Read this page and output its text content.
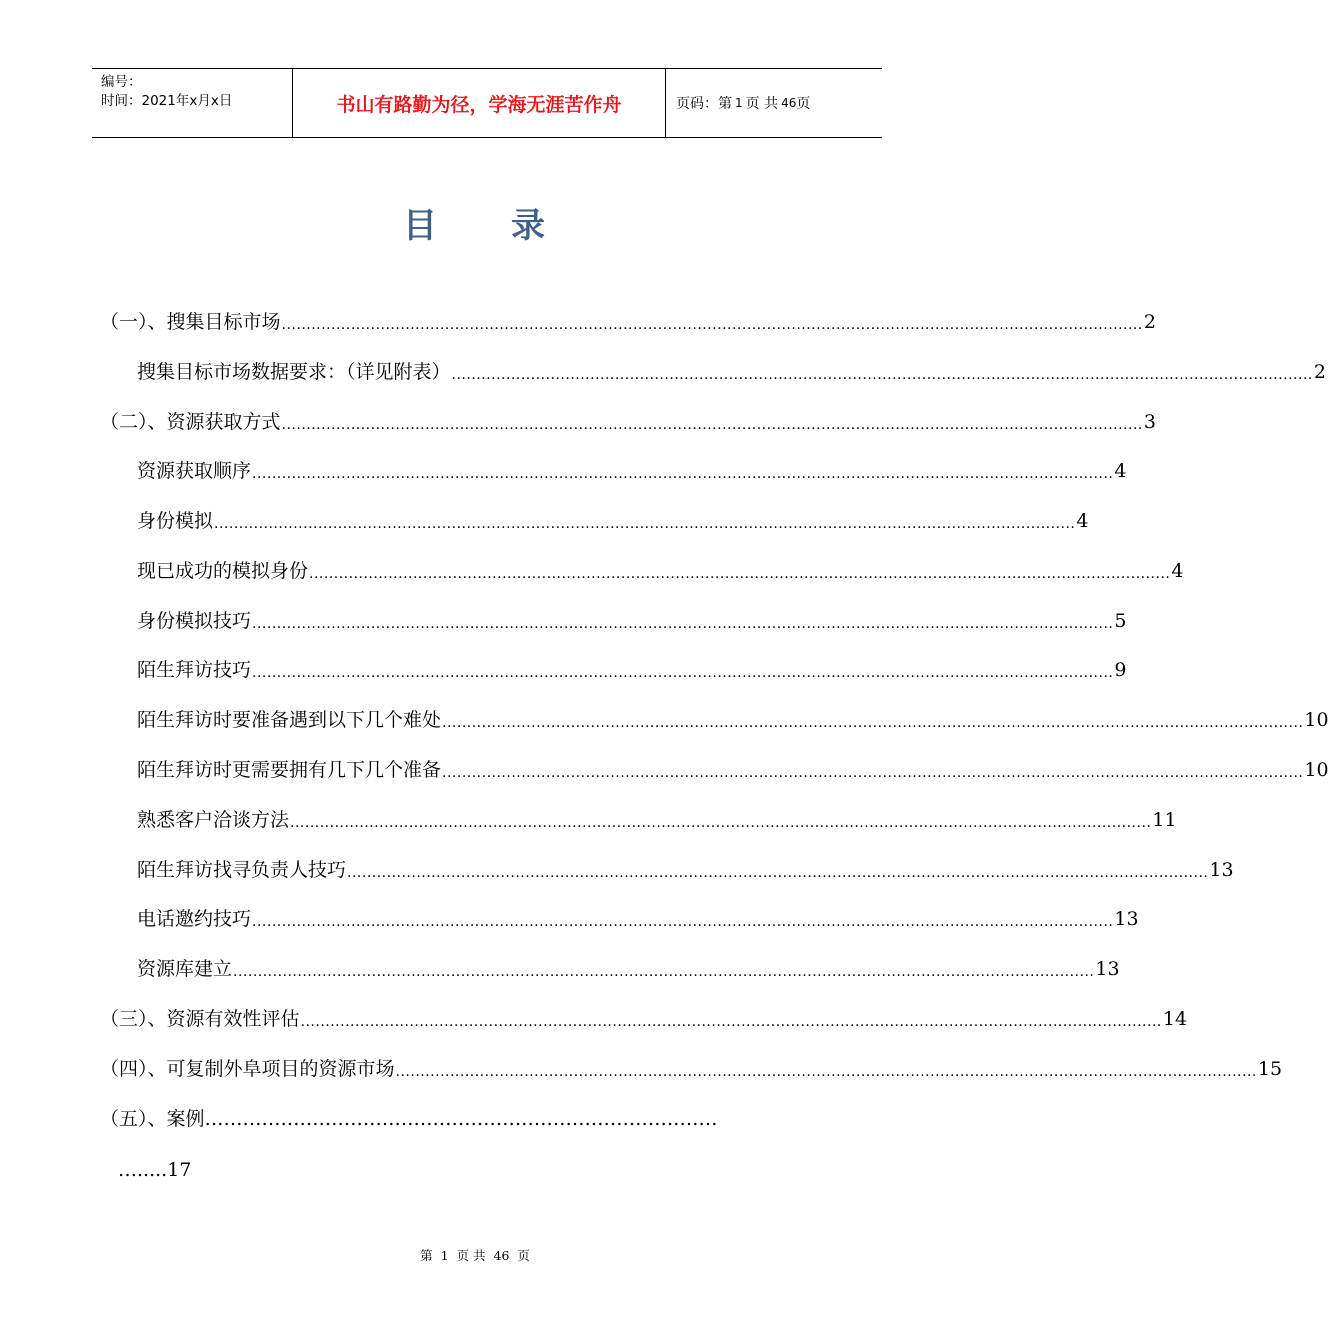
编号：
时间：2021年x月x日	书山有路勤为径，学海无涯苦作舟	页码：第 1 页 共 46 页
目 录
（一）、搜集目标市场 .............................................................................................................................................................................. 2
搜集目标市场数据要求：（详见附表） .............................................................................................................................................................................. 2
（二）、资源获取方式 .............................................................................................................................................................................. 3
资源获取顺序 .............................................................................................................................................................................. 4
身份模拟 .............................................................................................................................................................................. 4
现已成功的模拟身份 .............................................................................................................................................................................. 4
身份模拟技巧 .............................................................................................................................................................................. 5
陌生拜访技巧 .............................................................................................................................................................................. 9
陌生拜访时要准备遇到以下几个难处 .............................................................................................................................................................................. 10
陌生拜访时更需要拥有几下几个准备 .............................................................................................................................................................................. 10
熟悉客户洽谈方法 .............................................................................................................................................................................. 11
陌生拜访找寻负责人技巧 .............................................................................................................................................................................. 13
电话邀约技巧 .............................................................................................................................................................................. 13
资源库建立 .............................................................................................................................................................................. 13
（三）、资源有效性评估 .............................................................................................................................................................................. 14
（四）、可复制外阜项目的资源市场 .............................................................................................................................................................................. 15
（五）、案例………………………………………………………………………
….....17
第 1 页 共 46 页
